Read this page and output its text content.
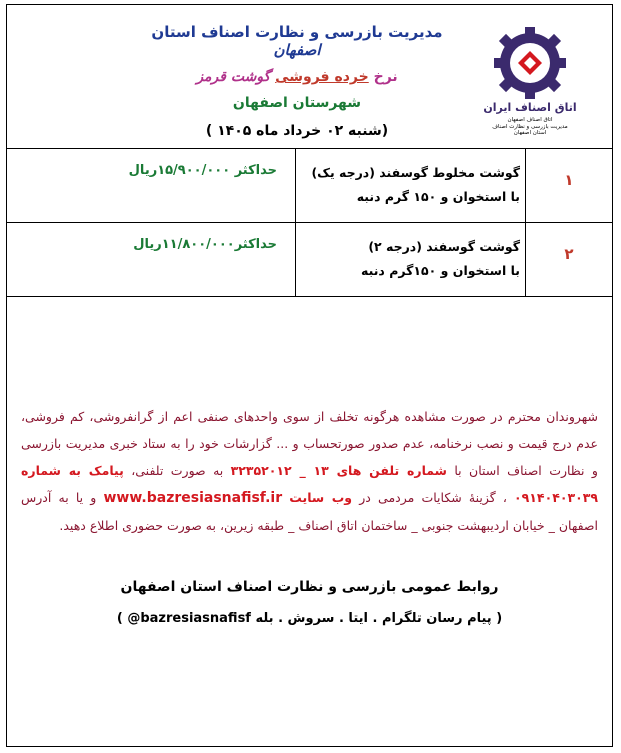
اتاق اصناف ایران
اتاق اصناف اصفهان
مدیریت بازرسی و نظارت اصناف
استان اصفهان
مدیریت بازرسی و نظارت اصناف استان اصفهان
نرخ خرده فروشی گوشت قرمز
شهرستان اصفهان
(شنبه ۰۲ خرداد ماه ۱۴۰۵ )
۱
گوشت مخلوط گوسفند (درجه یک)
با استخوان و ۱۵۰ گرم دنبه
حداکثر ۱۵/۹۰۰/۰۰۰ریال
۲
گوشت گوسفند (درجه ۲)
با استخوان و ۱۵۰گرم دنبه
حداکثر۱۱/۸۰۰/۰۰۰ریال
شهروندان محترم در صورت مشاهده هرگونه تخلف از سوی واحدهای صنفی اعم از گرانفروشی، کم فروشی، عدم درج قیمت و نصب نرخنامه، عدم صدور صورتحساب و ... گزارشات خود را به ستاد خبری مدیریت بازرسی و نظارت اصناف استان با شماره تلفن های ۱۳ _ ۳۲۳۵۲۰۱۲ به صورت تلفنی، پیامک به شماره ۰۹۱۴۰۴۰۳۰۳۹ ، گزینهٔ شکایات مردمی در وب سایت www.bazresiasnafisf.ir و یا به آدرس اصفهان _ خیابان اردیبهشت جنوبی _ ساختمان اتاق اصناف _ طبقه زیرین، به صورت حضوری اطلاع دهید.
روابط عمومی بازرسی و نظارت اصناف استان اصفهان
( پیام رسان تلگرام . ایتا . سروش . بله bazresiasnafisf@ )
